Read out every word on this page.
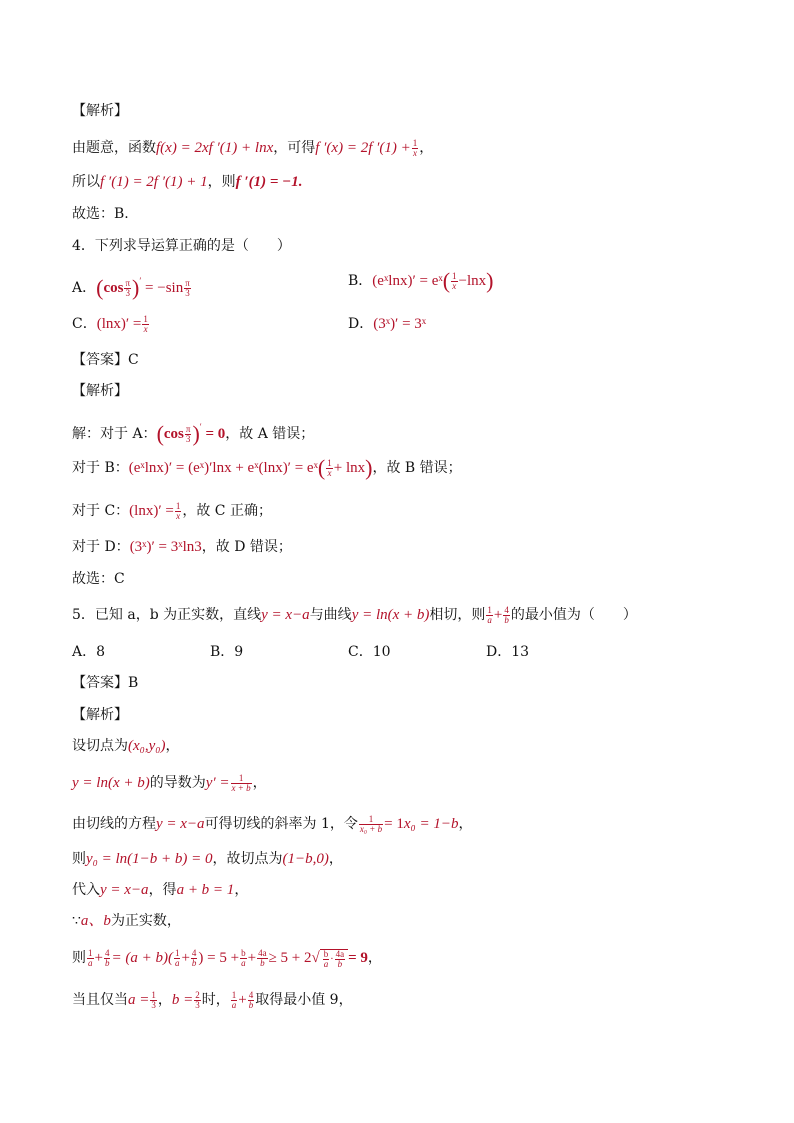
【解析】
由题意，函数f(x) = 2xf ′(1) + lnx，可得f ′(x) = 2f $'(1) + \frac{1}{x}$ ，
所以f ′(1) = 2f ′(1) + 1，则f ′(1) = −1.
故选：B.
4．下列求导运算正确的是（　　）
A．$(\cos \frac{\pi}{3} )' = -\sin \frac{\pi}{3}$	B．(eˣlnx)′ = eˣ( $\frac{1}{x} -\ln x$)
C．$(\ln x)' = \frac{1}{x}$	D．(3ˣ)′ = 3ˣ
【答案】C
【解析】
解：对于 A：$(\cos \frac{\pi}{3} )' = 0$，故 A 错误；
对于 B：(eˣlnx)′ = (eˣ)′lnx + eˣ(lnx)′ = eˣ( $\frac{1}{x} + \ln x$)，故 B 错误；
对于 C：$(\ln x)' = \frac{1}{x}$ ，故 C 正确；
对于 D：(3ˣ)′ = 3ˣln3，故 D 错误；
故选：C
5．已知 a，b 为正实数，直线y = x−a与曲线y = ln(x + b)相切，则 $\frac{1}{a} + \frac{4}{b}$ 的最小值为（　　）
A．8	B．9	C．10	D．13
【答案】B
【解析】
设切点为(x₀,y₀)，
y = ln(x + b)的导数为$y' = \frac{1}{x + b}$ ，
由切线的方程y = x−a可得切线的斜率为 1，令 $\frac{1}{\text{x₀ + b}} = 1x_0 = 1-b$，
则y₀ = ln(1−b + b) = 0，故切点为(1−b,0)，
代入y = x−a，得a + b = 1，
∵a、b为正实数，
则 $\frac{1}{a} + \frac{4}{b} = (a + b)( \frac{1}{a} + \frac{4}{b}$ ) = $5 + \frac{b}{a} + \frac{4a}{b} \ge 5 + 2√ \frac{b}{a} \cdot \frac{4a}{b} = 9$，
当且仅当$a = \frac{1}{3}$ ，$b = \frac{2}{3}$ 时， $\frac{1}{a} + \frac{4}{b}$ 取得最小值 9，
